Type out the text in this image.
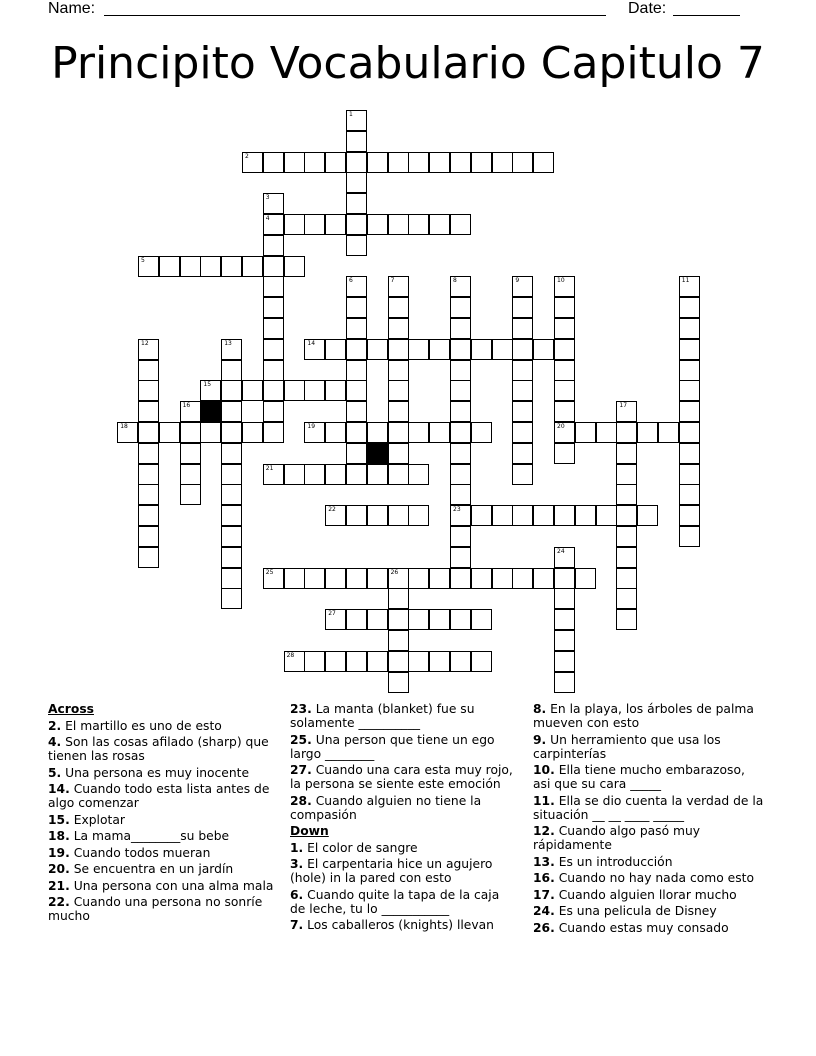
Name:	Date:
Principito Vocabulario Capitulo 7
2
4
5
14
15
18	19	20
21
22	23
25	26
27
28
1
3
6	7	8	9	10	11
12	13
16	17
24
Across
2. El martillo es uno de esto
4. Son las cosas afilado (sharp) que tienen las rosas
5. Una persona es muy inocente
14. Cuando todo esta lista antes de algo comenzar
15. Explotar
18. La mama________su bebe
19. Cuando todos mueran
20. Se encuentra en un jardín
21. Una persona con una alma mala
22. Cuando una persona no sonríe mucho
23. La manta (blanket) fue su solamente __________
25. Una person que tiene un ego largo ________
27. Cuando una cara esta muy rojo, la persona se siente este emoción
28. Cuando alguien no tiene la compasión
Down
1. El color de sangre
3. El carpentaria hice un agujero (hole) in la pared con esto
6. Cuando quite la tapa de la caja de leche, tu lo ___________
7. Los caballeros (knights) llevan
8. En la playa, los árboles de palma mueven con esto
9. Un herramiento que usa los carpinterías
10. Ella tiene mucho embarazoso, asi que su cara _____
11. Ella se dio cuenta la verdad de la situación __ __ ____ _____
12. Cuando algo pasó muy rápidamente
13. Es un introducción
16. Cuando no hay nada como esto
17. Cuando alguien llorar mucho
24. Es una pelicula de Disney
26. Cuando estas muy consado
